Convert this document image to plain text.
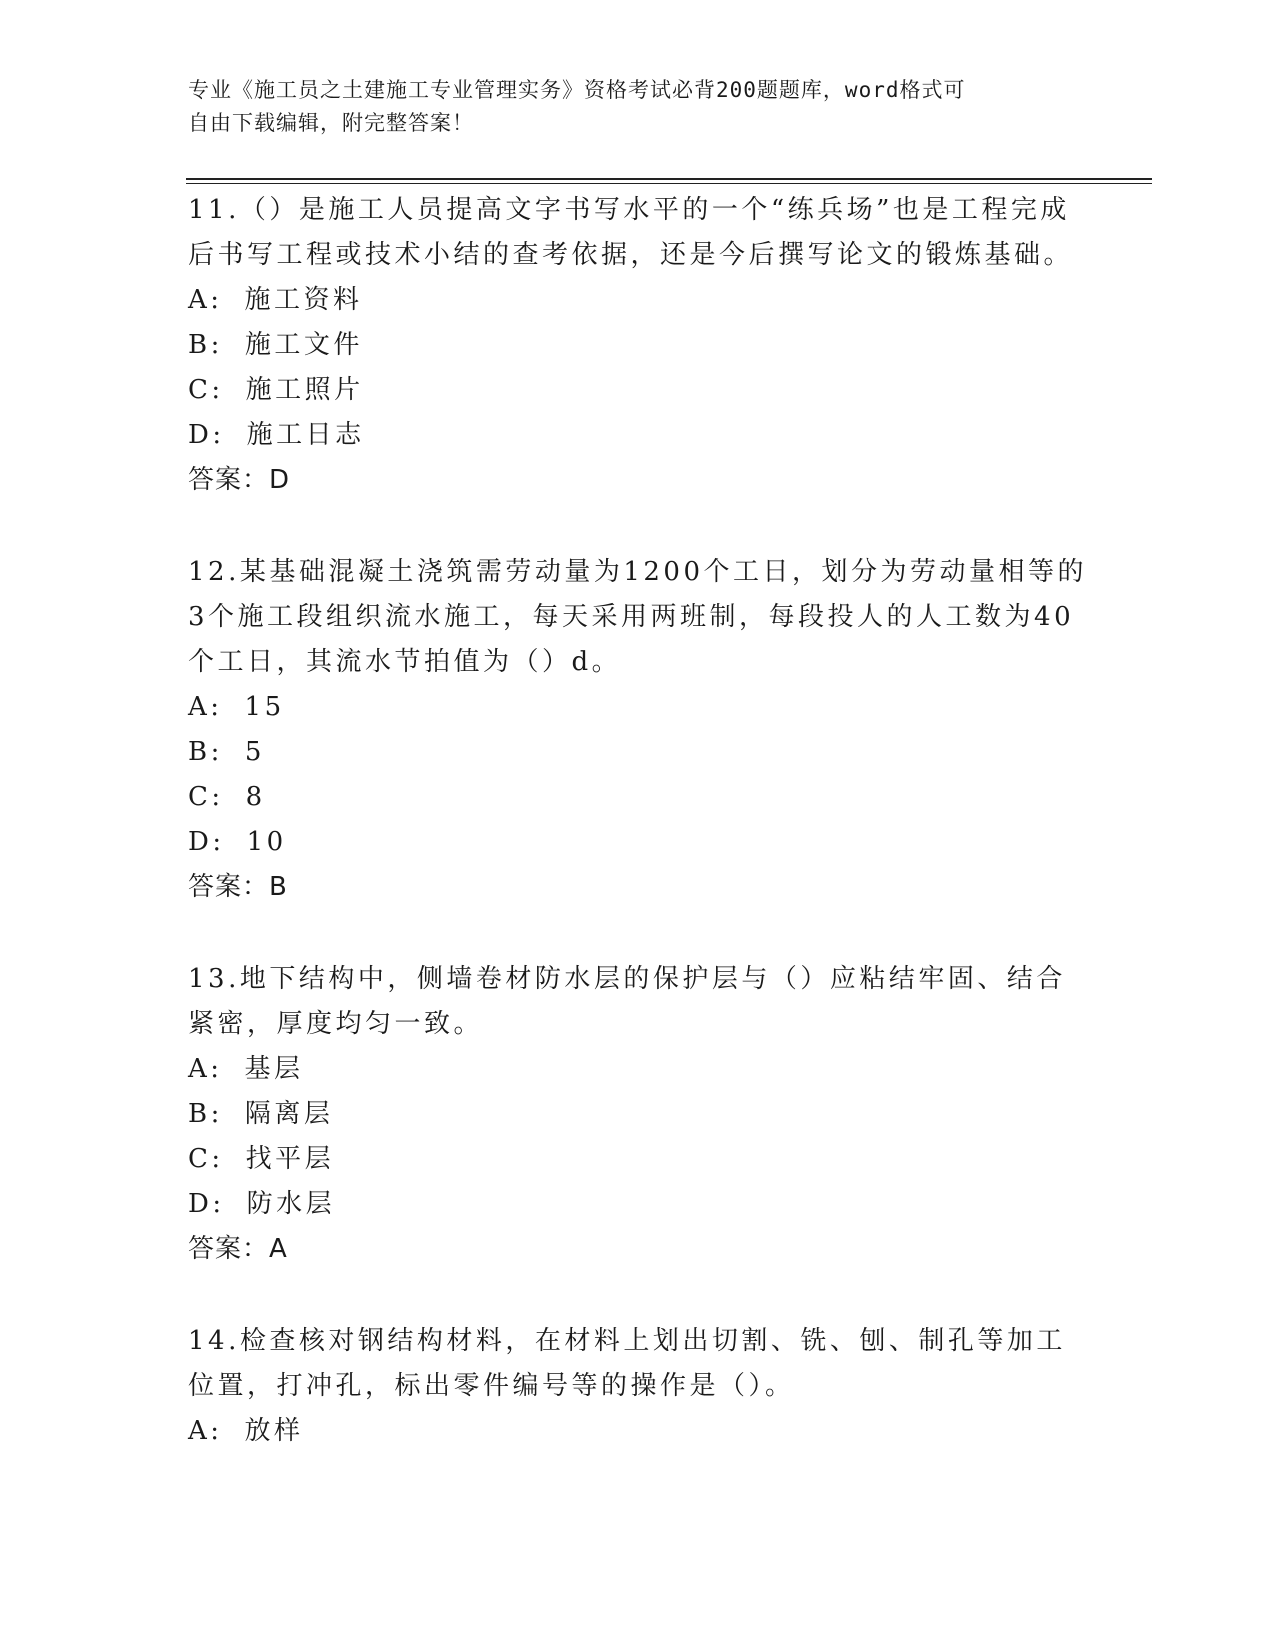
专业《施工员之土建施工专业管理实务》资格考试必背200题题库，word格式可
自由下载编辑，附完整答案！
11.（）是施工人员提高文字书写水平的一个“练兵场”也是工程完成后书写工程或技术小结的查考依据，还是今后撰写论文的锻炼基础。
A: 施工资料
B: 施工文件
C: 施工照片
D: 施工日志
答案：D
12.某基础混凝土浇筑需劳动量为1200个工日，划分为劳动量相等的3个施工段组织流水施工，每天采用两班制，每段投人的人工数为40个工日，其流水节拍值为（）d。
A: 15
B: 5
C: 8
D: 10
答案：B
13.地下结构中，侧墙卷材防水层的保护层与（）应粘结牢固、结合紧密，厚度均匀一致。
A: 基层
B: 隔离层
C: 找平层
D: 防水层
答案：A
14.检查核对钢结构材料，在材料上划出切割、铣、刨、制孔等加工位置，打冲孔，标出零件编号等的操作是（）。
A: 放样
